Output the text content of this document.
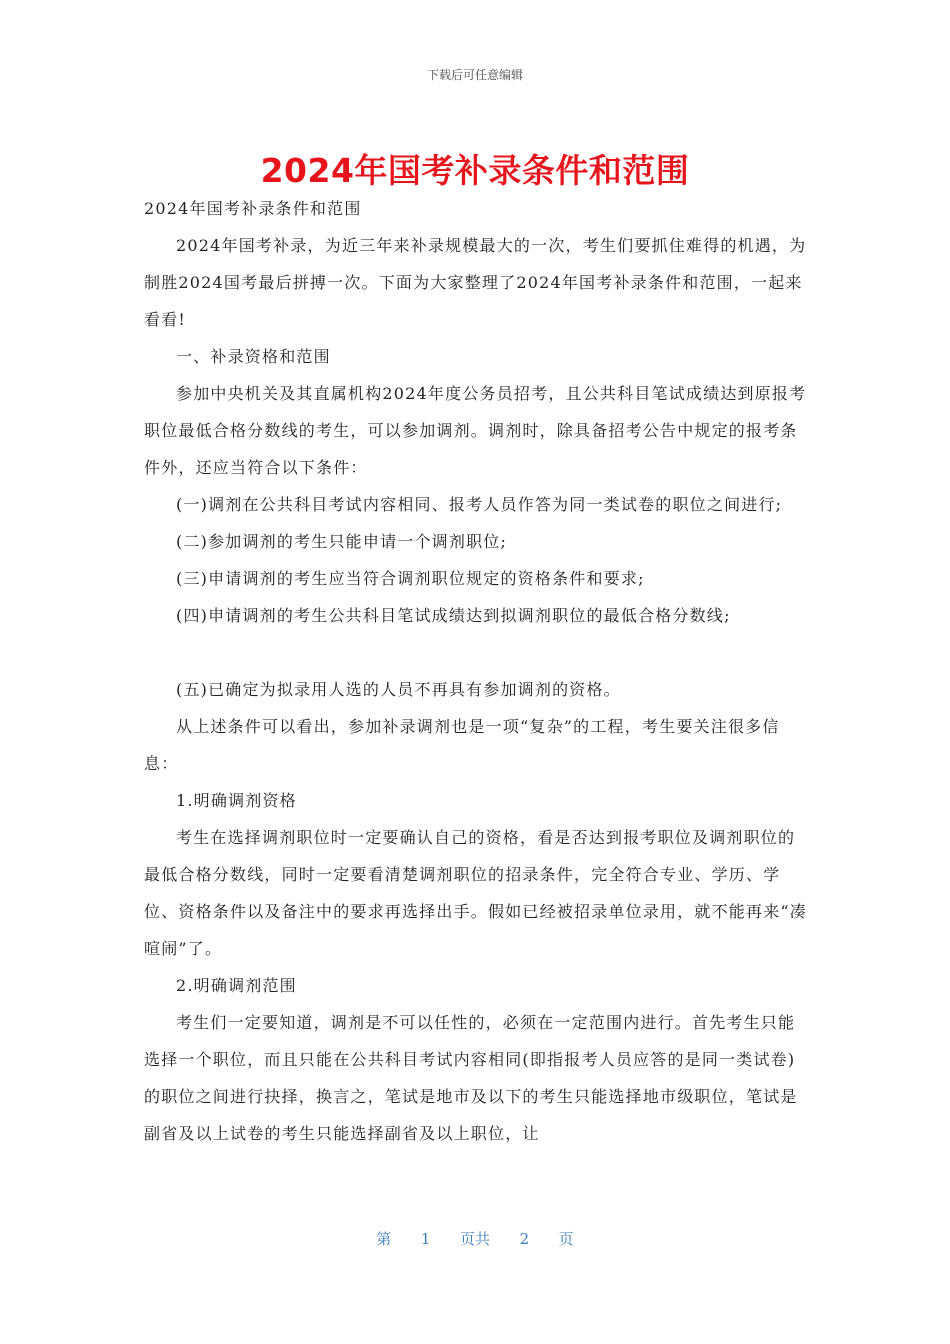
下载后可任意编辑
2024年国考补录条件和范围

2024年国考补录条件和范围

2024年国考补录，为近三年来补录规模最大的一次，考生们要抓住难得的机遇，为制胜2024国考最后拼搏一次。下面为大家整理了2024年国考补录条件和范围，一起来看看!

一、补录资格和范围

参加中央机关及其直属机构2024年度公务员招考，且公共科目笔试成绩达到原报考职位最低合格分数线的考生，可以参加调剂。调剂时，除具备招考公告中规定的报考条件外，还应当符合以下条件：

(一)调剂在公共科目考试内容相同、报考人员作答为同一类试卷的职位之间进行;

(二)参加调剂的考生只能申请一个调剂职位;

(三)申请调剂的考生应当符合调剂职位规定的资格条件和要求;

(四)申请调剂的考生公共科目笔试成绩达到拟调剂职位的最低合格分数线;

(五)已确定为拟录用人选的人员不再具有参加调剂的资格。

从上述条件可以看出，参加补录调剂也是一项“复杂”的工程，考生要关注很多信息：

1.明确调剂资格

考生在选择调剂职位时一定要确认自己的资格，看是否达到报考职位及调剂职位的最低合格分数线，同时一定要看清楚调剂职位的招录条件，完全符合专业、学历、学位、资格条件以及备注中的要求再选择出手。假如已经被招录单位录用，就不能再来“凑喧闹”了。

2.明确调剂范围

考生们一定要知道，调剂是不可以任性的，必须在一定范围内进行。首先考生只能选择一个职位，而且只能在公共科目考试内容相同(即指报考人员应答的是同一类试卷)的职位之间进行抉择，换言之，笔试是地市及以下的考生只能选择地市级职位，笔试是副省及以上试卷的考生只能选择副省及以上职位，让

第 1 页共 2 页
